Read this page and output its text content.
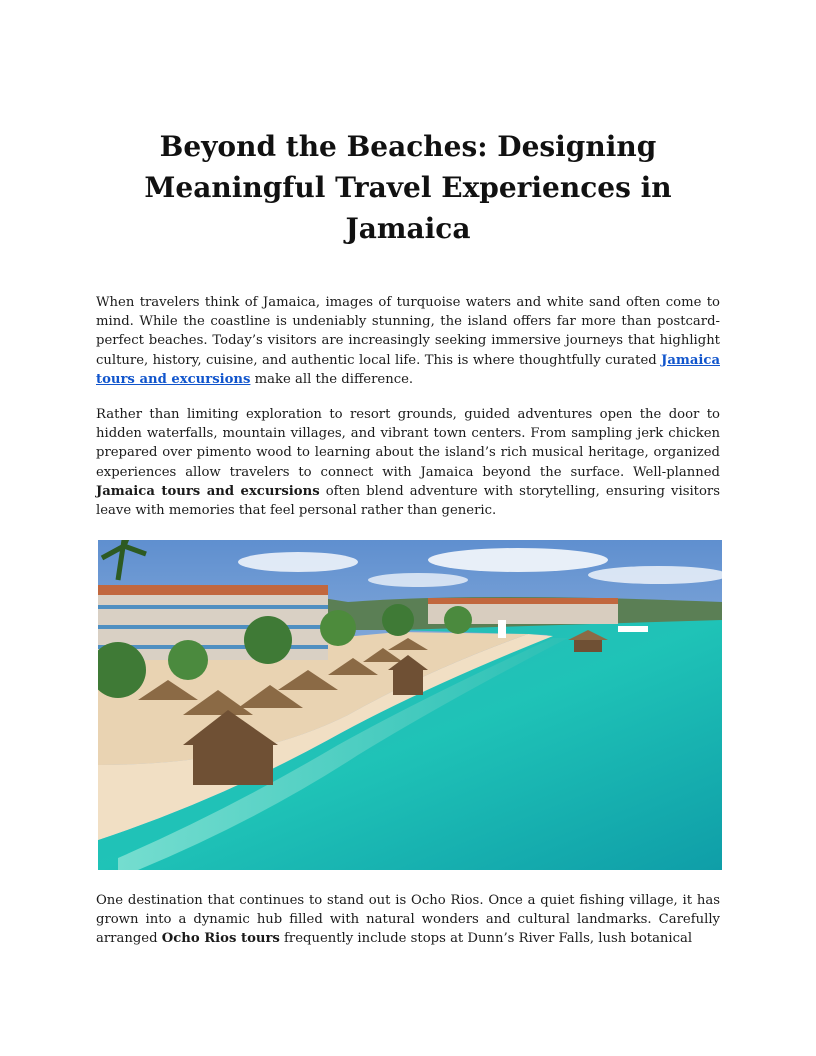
Beyond the Beaches: Designing Meaningful Travel Experiences in Jamaica

When travelers think of Jamaica, images of turquoise waters and white sand often come to mind. While the coastline is undeniably stunning, the island offers far more than postcard-perfect beaches. Today’s visitors are increasingly seeking immersive journeys that highlight culture, history, cuisine, and authentic local life. This is where thoughtfully curated Jamaica tours and excursions make all the difference.

Rather than limiting exploration to resort grounds, guided adventures open the door to hidden waterfalls, mountain villages, and vibrant town centers. From sampling jerk chicken prepared over pimento wood to learning about the island’s rich musical heritage, organized experiences allow travelers to connect with Jamaica beyond the surface. Well-planned Jamaica tours and excursions often blend adventure with storytelling, ensuring visitors leave with memories that feel personal rather than generic.

One destination that continues to stand out is Ocho Rios. Once a quiet fishing village, it has grown into a dynamic hub filled with natural wonders and cultural landmarks. Carefully arranged Ocho Rios tours frequently include stops at Dunn’s River Falls, lush botanical
